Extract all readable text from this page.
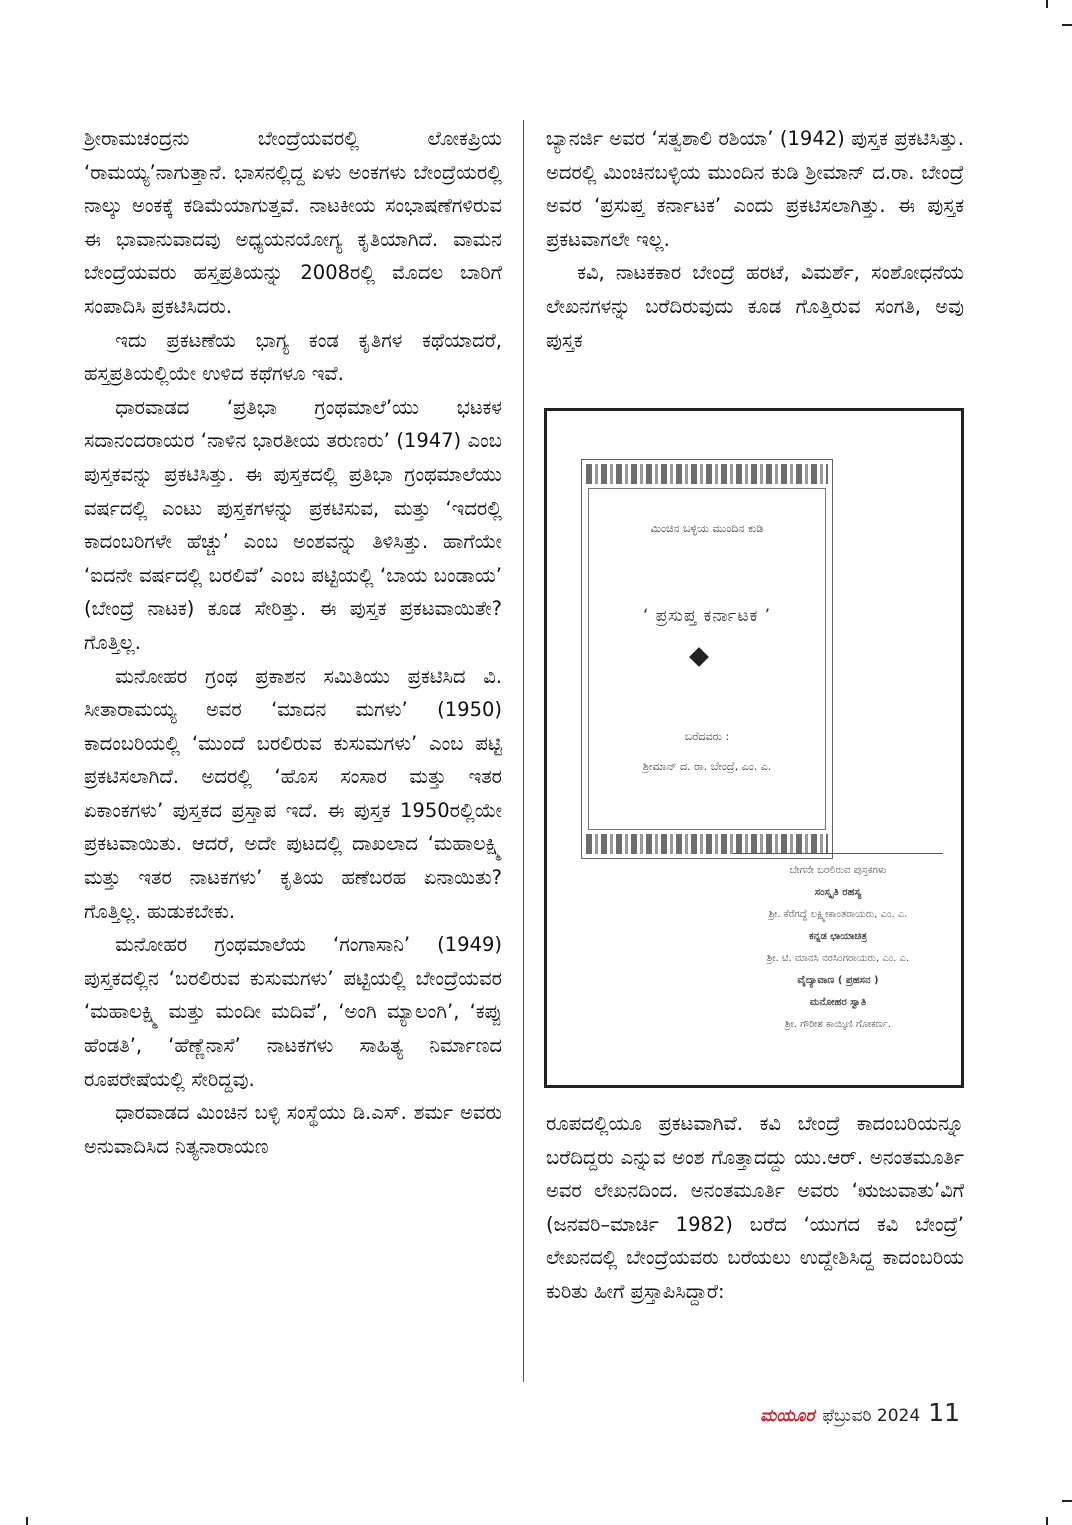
ಶ್ರೀರಾಮಚಂದ್ರನು ಬೇಂದ್ರೆಯವರಲ್ಲಿ ಲೋಕಪ್ರಿಯ ‘ರಾಮಯ್ಯ’ನಾಗುತ್ತಾನೆ. ಭಾಸನಲ್ಲಿದ್ದ ಏಳು ಅಂಕಗಳು ಬೇಂದ್ರೆಯರಲ್ಲಿ ನಾಲ್ಕು ಅಂಕಕ್ಕೆ ಕಡಿಮೆಯಾಗುತ್ತವೆ. ನಾಟಕೀಯ ಸಂಭಾಷಣೆಗಳಿರುವ ಈ ಭಾವಾನುವಾದವು ಅಧ್ಯಯನಯೋಗ್ಯ ಕೃತಿಯಾಗಿದೆ. ವಾಮನ ಬೇಂದ್ರೆಯವರು ಹಸ್ತಪ್ರತಿಯನ್ನು 2008ರಲ್ಲಿ ಮೊದಲ ಬಾರಿಗೆ ಸಂಪಾದಿಸಿ ಪ್ರಕಟಿಸಿದರು.

ಇದು ಪ್ರಕಟಣೆಯ ಭಾಗ್ಯ ಕಂಡ ಕೃತಿಗಳ ಕಥೆಯಾದರೆ, ಹಸ್ತಪ್ರತಿಯಲ್ಲಿಯೇ ಉಳಿದ ಕಥೆಗಳೂ ಇವೆ.

ಧಾರವಾಡದ ‘ಪ್ರತಿಭಾ ಗ್ರಂಥಮಾಲೆ’ಯು ಭಟಕಳ ಸದಾನಂದರಾಯರ ‘ನಾಳಿನ ಭಾರತೀಯ ತರುಣರು’ (1947) ಎಂಬ ಪುಸ್ತಕವನ್ನು ಪ್ರಕಟಿಸಿತ್ತು. ಈ ಪುಸ್ತಕದಲ್ಲಿ ಪ್ರತಿಭಾ ಗ್ರಂಥಮಾಲೆಯು ವರ್ಷದಲ್ಲಿ ಎಂಟು ಪುಸ್ತಕಗಳನ್ನು ಪ್ರಕಟಿಸುವ, ಮತ್ತು ‘ಇದರಲ್ಲಿ ಕಾದಂಬರಿಗಳೇ ಹೆಚ್ಚು’ ಎಂಬ ಅಂಶವನ್ನು ತಿಳಿಸಿತ್ತು. ಹಾಗೆಯೇ ‘ಐದನೇ ವರ್ಷದಲ್ಲಿ ಬರಲಿವೆ’ ಎಂಬ ಪಟ್ಟಿಯಲ್ಲಿ ‘ಬಾಯ ಬಂಡಾಯ’ (ಬೇಂದ್ರೆ ನಾಟಕ) ಕೂಡ ಸೇರಿತ್ತು. ಈ ಪುಸ್ತಕ ಪ್ರಕಟವಾಯಿತೇ? ಗೊತ್ತಿಲ್ಲ.

ಮನೋಹರ ಗ್ರಂಥ ಪ್ರಕಾಶನ ಸಮಿತಿಯು ಪ್ರಕಟಿಸಿದ ವಿ. ಸೀತಾರಾಮಯ್ಯ ಅವರ ‘ಮಾದನ ಮಗಳು’ (1950) ಕಾದಂಬರಿಯಲ್ಲಿ ‘ಮುಂದೆ ಬರಲಿರುವ ಕುಸುಮಗಳು’ ಎಂಬ ಪಟ್ಟಿ ಪ್ರಕಟಿಸಲಾಗಿದೆ. ಅದರಲ್ಲಿ ‘ಹೊಸ ಸಂಸಾರ ಮತ್ತು ಇತರ ಏಕಾಂಕಗಳು’ ಪುಸ್ತಕದ ಪ್ರಸ್ತಾಪ ಇದೆ. ಈ ಪುಸ್ತಕ 1950ರಲ್ಲಿಯೇ ಪ್ರಕಟವಾಯಿತು. ಆದರೆ, ಅದೇ ಪುಟದಲ್ಲಿ ದಾಖಲಾದ ‘ಮಹಾಲಕ್ಷ್ಮಿ ಮತ್ತು ಇತರ ನಾಟಕಗಳು’ ಕೃತಿಯ ಹಣೆಬರಹ ಏನಾಯಿತು? ಗೊತ್ತಿಲ್ಲ. ಹುಡುಕಬೇಕು.

ಮನೋಹರ ಗ್ರಂಥಮಾಲೆಯ ‘ಗಂಗಾಸಾನಿ’ (1949) ಪುಸ್ತಕದಲ್ಲಿನ ‘ಬರಲಿರುವ ಕುಸುಮಗಳು’ ಪಟ್ಟಿಯಲ್ಲಿ ಬೇಂದ್ರೆಯವರ ‘ಮಹಾಲಕ್ಷ್ಮಿ ಮತ್ತು ಮಂದೀ ಮದಿವೆ’, ‘ಅಂಗಿ ಮ್ಯಾಲಂಗಿ’, ‘ಕಪ್ಪು ಹೆಂಡತಿ’, ‘ಹೆಣ್ಣೆನಾಸೆ’ ನಾಟಕಗಳು ಸಾಹಿತ್ಯ ನಿರ್ಮಾಣದ ರೂಪರೇಷೆಯಲ್ಲಿ ಸೇರಿದ್ದವು.

ಧಾರವಾಡದ ಮಿಂಚಿನ ಬಳ್ಳಿ ಸಂಸ್ಥೆಯು ಡಿ.ಎಸ್. ಶರ್ಮ ಅವರು ಅನುವಾದಿಸಿದ ನಿತ್ಯನಾರಾಯಣ

ಬ್ಯಾನರ್ಜಿ ಅವರ ‘ಸತ್ವಶಾಲಿ ರಶಿಯಾ’ (1942) ಪುಸ್ತಕ ಪ್ರಕಟಿಸಿತ್ತು. ಅದರಲ್ಲಿ ಮಿಂಚಿನಬಳ್ಳಿಯ ಮುಂದಿನ ಕುಡಿ ಶ್ರೀಮಾನ್ ದ.ರಾ. ಬೇಂದ್ರೆ ಅವರ ‘ಪ್ರಸುಪ್ತ ಕರ್ನಾಟಕ’ ಎಂದು ಪ್ರಕಟಿಸಲಾಗಿತ್ತು. ಈ ಪುಸ್ತಕ ಪ್ರಕಟವಾಗಲೇ ಇಲ್ಲ.

ಕವಿ, ನಾಟಕಕಾರ ಬೇಂದ್ರೆ ಹರಟೆ, ವಿಮರ್ಶೆ, ಸಂಶೋಧನೆಯ ಲೇಖನಗಳನ್ನು ಬರೆದಿರುವುದು ಕೂಡ ಗೊತ್ತಿರುವ ಸಂಗತಿ, ಅವು ಪುಸ್ತಕ

ಮಿಂಚಿನ ಬಳ್ಳಿಯ ಮುಂದಿನ ಕುಡಿ
‘ ಪ್ರಸುಪ್ತ ಕರ್ನಾಟಕ ’
ಬರೆದವರು :
ಶ್ರೀಮಾನ್ ದ. ರಾ. ಬೇಂದ್ರೆ, ಎಂ. ಎ.
ಬೇಗನೇ ಬರಲಿರುವ ಪುಸ್ತಕಗಳು
ಸಂಸ್ಕೃತಿ ರಹಸ್ಯ
ಶ್ರೀ. ಕೆರೆಗದ್ದೆ ಲಕ್ಷ್ಮೀಕಾಂತರಾಯರು, ಎಂ. ಎ.
ಕನ್ನಡ ಛಾಯಾಚಿತ್ರ
ಶ್ರೀ. ಟಿ. ಮಾನಸಿ ನರಸಿಂಗರಾಯರು, ಎಂ. ಎ.
ವೈದ್ಯಾವಾಣ ( ಪ್ರಹಸನ )
ಮನೋಹರ ಸ್ವಾತಿ
ಶ್ರೀ. ಗೌರೀಶ ಕಾಯ್ಕಿಣಿ ಗೋಕರ್ಣ.

ರೂಪದಲ್ಲಿಯೂ ಪ್ರಕಟವಾಗಿವೆ. ಕವಿ ಬೇಂದ್ರೆ ಕಾದಂಬರಿಯನ್ನೂ ಬರೆದಿದ್ದರು ಎನ್ನುವ ಅಂಶ ಗೊತ್ತಾದದ್ದು ಯು.ಆರ್. ಅನಂತಮೂರ್ತಿ ಅವರ ಲೇಖನದಿಂದ. ಅನಂತಮೂರ್ತಿ ಅವರು ‘ಋಜುವಾತು’ವಿಗೆ (ಜನವರಿ–ಮಾರ್ಚಿ 1982) ಬರೆದ ‘ಯುಗದ ಕವಿ ಬೇಂದ್ರೆ’ ಲೇಖನದಲ್ಲಿ ಬೇಂದ್ರೆಯವರು ಬರೆಯಲು ಉದ್ದೇಶಿಸಿದ್ದ ಕಾದಂಬರಿಯ ಕುರಿತು ಹೀಗೆ ಪ್ರಸ್ತಾಪಿಸಿದ್ದಾರೆ:

ಮಯೂರ ಫೆಬ್ರುವರಿ 2024 11
